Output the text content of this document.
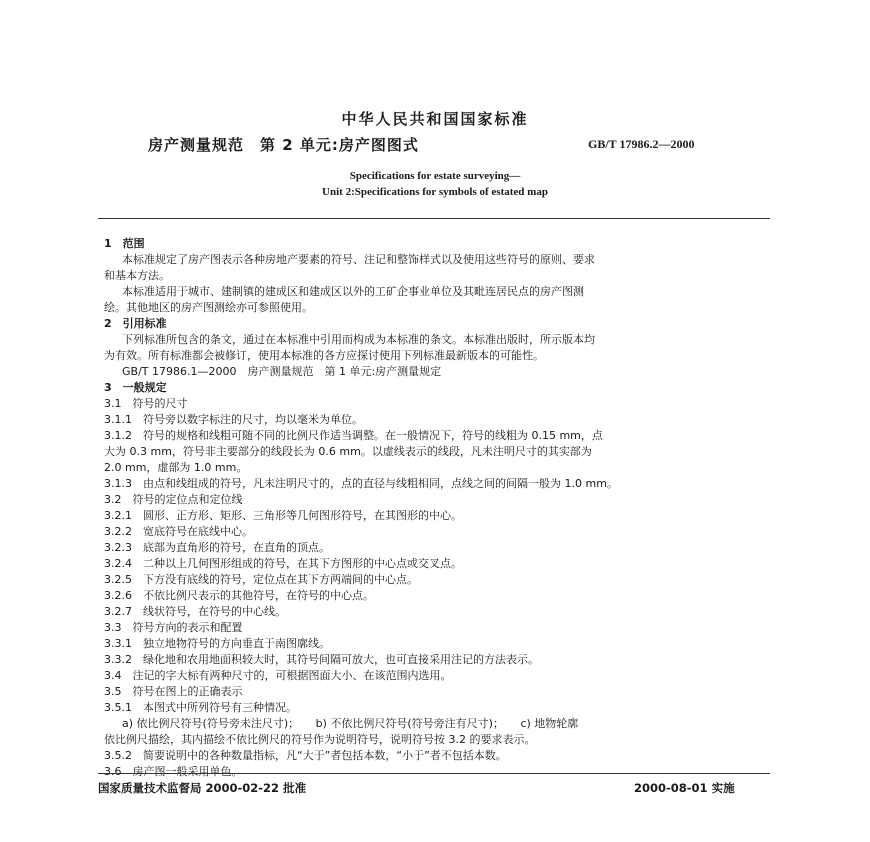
中华人民共和国国家标准
房产测量规范　第 2 单元:房产图图式	GB/T 17986.2—2000
Specifications for estate surveying—
Unit 2:Specifications for symbols of estated map
1　范围
本标准规定了房产图表示各种房地产要素的符号、注记和整饰样式以及使用这些符号的原则、要求
和基本方法。
本标准适用于城市、建制镇的建成区和建成区以外的工矿企事业单位及其毗连居民点的房产图测
绘。其他地区的房产图测绘亦可参照使用。
2　引用标准
下列标准所包含的条文，通过在本标准中引用而构成为本标准的条文。本标准出版时，所示版本均
为有效。所有标准都会被修订，使用本标准的各方应探讨使用下列标准最新版本的可能性。
GB/T 17986.1—2000　房产测量规范　第 1 单元:房产测量规定
3　一般规定
3.1　符号的尺寸
3.1.1　符号旁以数字标注的尺寸，均以毫米为单位。
3.1.2　符号的规格和线粗可随不同的比例尺作适当调整。在一般情况下，符号的线粗为 0.15 mm，点
大为 0.3 mm，符号非主要部分的线段长为 0.6 mm。以虚线表示的线段，凡未注明尺寸的其实部为
2.0 mm，虚部为 1.0 mm。
3.1.3　由点和线组成的符号，凡未注明尺寸的，点的直径与线粗相同，点线之间的间隔一般为 1.0 mm。
3.2　符号的定位点和定位线
3.2.1　圆形、正方形、矩形、三角形等几何图形符号，在其图形的中心。
3.2.2　宽底符号在底线中心。
3.2.3　底部为直角形的符号，在直角的顶点。
3.2.4　二种以上几何图形组成的符号，在其下方图形的中心点或交叉点。
3.2.5　下方没有底线的符号，定位点在其下方两端间的中心点。
3.2.6　不依比例尺表示的其他符号，在符号的中心点。
3.2.7　线状符号，在符号的中心线。
3.3　符号方向的表示和配置
3.3.1　独立地物符号的方向垂直于南图廓线。
3.3.2　绿化地和农用地面积较大时，其符号间隔可放大，也可直接采用注记的方法表示。
3.4　注记的字大标有两种尺寸的，可根据图面大小、在该范围内选用。
3.5　符号在图上的正确表示
3.5.1　本图式中所列符号有三种情况。
a) 依比例尺符号(符号旁未注尺寸)；　　b) 不依比例尺符号(符号旁注有尺寸)；　　c) 地物轮廓
依比例尺描绘，其内描绘不依比例尺的符号作为说明符号，说明符号按 3.2 的要求表示。
3.5.2　简要说明中的各种数量指标，凡“大于”者包括本数，“小于”者不包括本数。
3.6　房产图一般采用单色。
国家质量技术监督局 2000-02-22 批准	2000-08-01 实施
